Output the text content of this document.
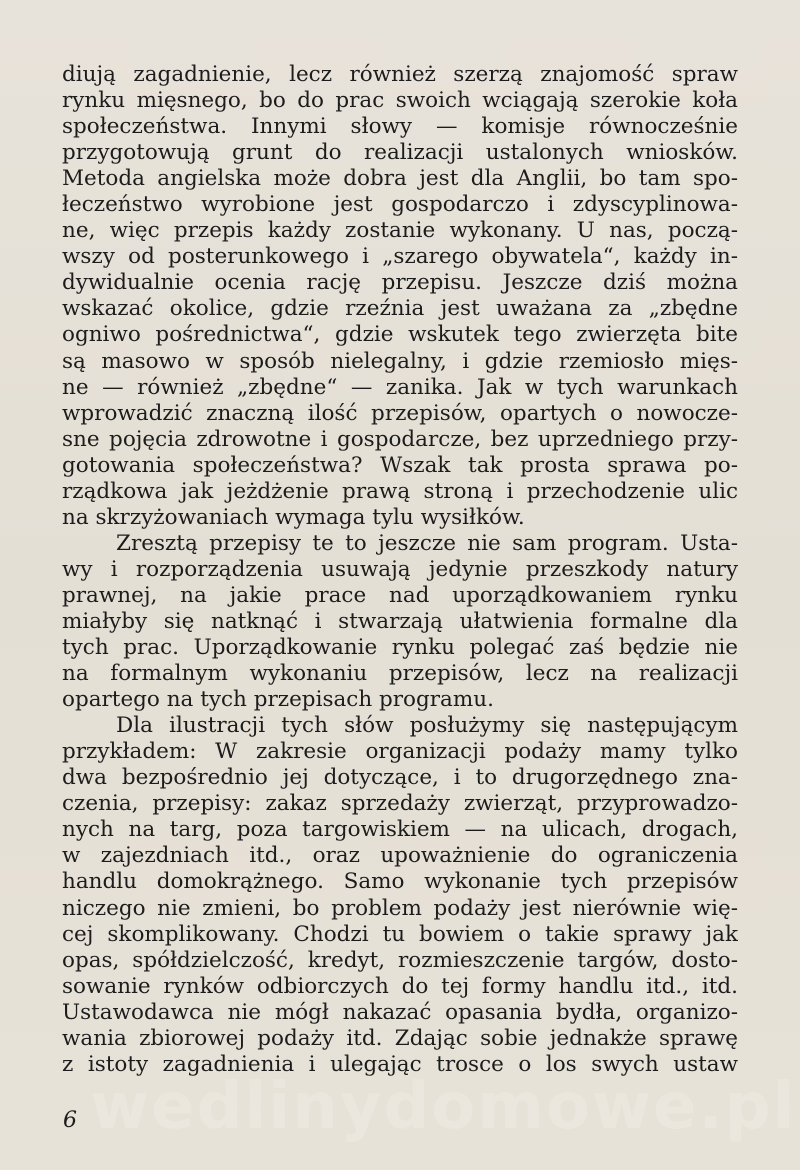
diują zagadnienie, lecz również szerzą znajomość spraw
rynku mięsnego, bo do prac swoich wciągają szerokie koła
społeczeństwa. Innymi słowy — komisje równocześnie
przygotowują grunt do realizacji ustalonych wniosków.
Metoda angielska może dobra jest dla Anglii, bo tam spo-
łeczeństwo wyrobione jest gospodarczo i zdyscyplinowa-
ne, więc przepis każdy zostanie wykonany. U nas, począ-
wszy od posterunkowego i „szarego obywatela“, każdy in-
dywidualnie ocenia rację przepisu. Jeszcze dziś można
wskazać okolice, gdzie rzeźnia jest uważana za „zbędne
ogniwo pośrednictwa“, gdzie wskutek tego zwierzęta bite
są masowo w sposób nielegalny, i gdzie rzemiosło mięs-
ne — również „zbędne“ — zanika. Jak w tych warunkach
wprowadzić znaczną ilość przepisów, opartych o nowocze-
sne pojęcia zdrowotne i gospodarcze, bez uprzedniego przy-
gotowania społeczeństwa? Wszak tak prosta sprawa po-
rządkowa jak jeżdżenie prawą stroną i przechodzenie ulic
na skrzyżowaniach wymaga tylu wysiłków.
Zresztą przepisy te to jeszcze nie sam program. Usta-
wy i rozporządzenia usuwają jedynie przeszkody natury
prawnej, na jakie prace nad uporządkowaniem rynku
miałyby się natknąć i stwarzają ułatwienia formalne dla
tych prac. Uporządkowanie rynku polegać zaś będzie nie
na formalnym wykonaniu przepisów, lecz na realizacji
opartego na tych przepisach programu.
Dla ilustracji tych słów posłużymy się następującym
przykładem: W zakresie organizacji podaży mamy tylko
dwa bezpośrednio jej dotyczące, i to drugorzędnego zna-
czenia, przepisy: zakaz sprzedaży zwierząt, przyprowadzo-
nych na targ, poza targowiskiem — na ulicach, drogach,
w zajezdniach itd., oraz upoważnienie do ograniczenia
handlu domokrążnego. Samo wykonanie tych przepisów
niczego nie zmieni, bo problem podaży jest nierównie wię-
cej skomplikowany. Chodzi tu bowiem o takie sprawy jak
opas, spółdzielczość, kredyt, rozmieszczenie targów, dosto-
sowanie rynków odbiorczych do tej formy handlu itd., itd.
Ustawodawca nie mógł nakazać opasania bydła, organizo-
wania zbiorowej podaży itd. Zdając sobie jednakże sprawę
z istoty zagadnienia i ulegając trosce o los swych ustaw
wedlinydomowe.pl
6
